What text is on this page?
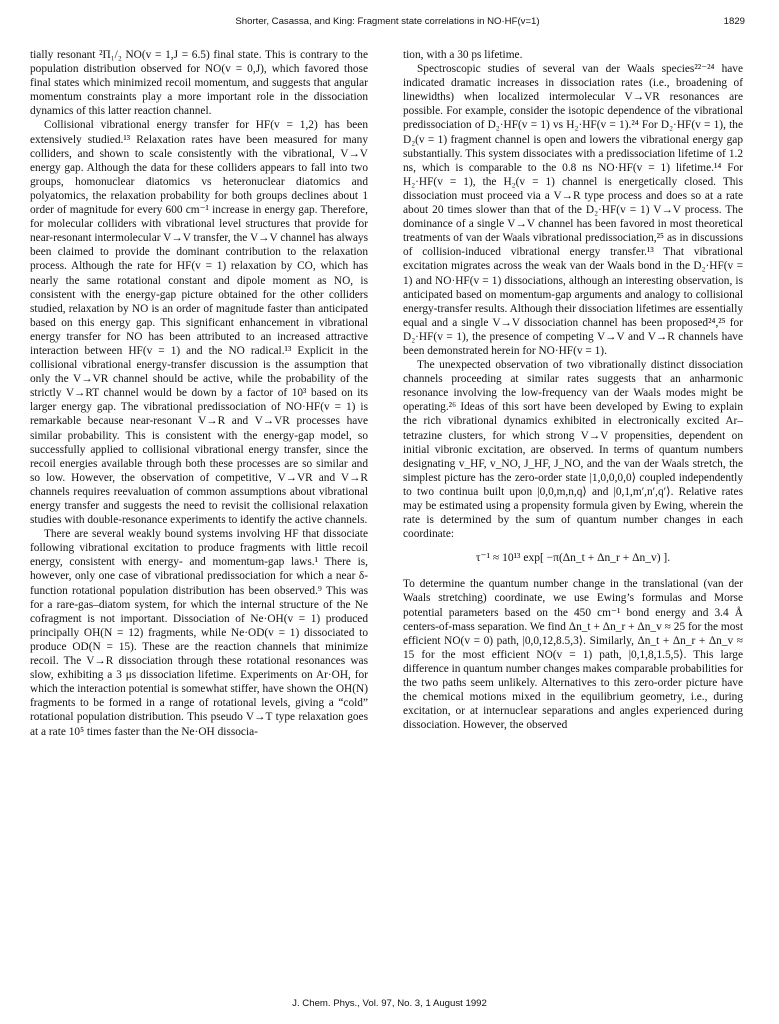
Shorter, Casassa, and King: Fragment state correlations in NO·HF(v=1)	1829

tially resonant ²Π₁/₂ NO(v = 1,J = 6.5) final state. This is contrary to the population distribution observed for NO(v = 0,J), which favored those final states which minimized recoil momentum, and suggests that angular momentum constraints play a more important role in the dissociation dynamics of this latter reaction channel.

Collisional vibrational energy transfer for HF(v = 1,2) has been extensively studied.¹³ Relaxation rates have been measured for many colliders, and shown to scale consistently with the vibrational, V→V energy gap. Although the data for these colliders appears to fall into two groups, homonuclear diatomics vs heteronuclear diatomics and polyatomics, the relaxation probability for both groups declines about 1 order of magnitude for every 600 cm⁻¹ increase in energy gap. Therefore, for molecular colliders with vibrational level structures that provide for near-resonant intermolecular V→V transfer, the V→V channel has always been claimed to provide the dominant contribution to the relaxation process. Although the rate for HF(v = 1) relaxation by CO, which has nearly the same rotational constant and dipole moment as NO, is consistent with the energy-gap picture obtained for the other colliders studied, relaxation by NO is an order of magnitude faster than anticipated based on this energy gap. This significant enhancement in vibrational energy transfer for NO has been attributed to an increased attractive interaction between HF(v = 1) and the NO radical.¹³ Explicit in the collisional vibrational energy-transfer discussion is the assumption that only the V→VR channel should be active, while the probability of the strictly V→RT channel would be down by a factor of 10³ based on its larger energy gap. The vibrational predissociation of NO·HF(v = 1) is remarkable because near-resonant V→R and V→VR processes have similar probability. This is consistent with the energy-gap model, so successfully applied to collisional vibrational energy transfer, since the recoil energies available through both these processes are so similar and so low. However, the observation of competitive, V→VR and V→R channels requires reevaluation of common assumptions about vibrational energy transfer and suggests the need to revisit the collisional relaxation studies with double-resonance experiments to identify the active channels.

There are several weakly bound systems involving HF that dissociate following vibrational excitation to produce fragments with little recoil energy, consistent with energy- and momentum-gap laws.¹ There is, however, only one case of vibrational predissociation for which a near δ-function rotational population distribution has been observed.⁹ This was for a rare-gas–diatom system, for which the internal structure of the Ne cofragment is not important. Dissociation of Ne·OH(v = 1) produced principally OH(N = 12) fragments, while Ne·OD(v = 1) dissociated to produce OD(N = 15). These are the reaction channels that minimize recoil. The V→R dissociation through these rotational resonances was slow, exhibiting a 3 μs dissociation lifetime. Experiments on Ar·OH, for which the interaction potential is somewhat stiffer, have shown the OH(N) fragments to be formed in a range of rotational levels, giving a “cold” rotational population distribution. This pseudo V→T type relaxation goes at a rate 10⁵ times faster than the Ne·OH dissocia-

tion, with a 30 ps lifetime.

Spectroscopic studies of several van der Waals species²²⁻²⁴ have indicated dramatic increases in dissociation rates (i.e., broadening of linewidths) when localized intermolecular V→VR resonances are possible. For example, consider the isotopic dependence of the vibrational predissociation of D₂·HF(v = 1) vs H₂·HF(v = 1).²⁴ For D₂·HF(v = 1), the D₂(v = 1) fragment channel is open and lowers the vibrational energy gap substantially. This system dissociates with a predissociation lifetime of 1.2 ns, which is comparable to the 0.8 ns NO·HF(v = 1) lifetime.¹⁴ For H₂·HF(v = 1), the H₂(v = 1) channel is energetically closed. This dissociation must proceed via a V→R type process and does so at a rate about 20 times slower than that of the D₂·HF(v = 1) V→V process. The dominance of a single V→V channel has been favored in most theoretical treatments of van der Waals vibrational predissociation,²⁵ as in discussions of collision-induced vibrational energy transfer.¹³ That vibrational excitation migrates across the weak van der Waals bond in the D₂·HF(v = 1) and NO·HF(v = 1) dissociations, although an interesting observation, is anticipated based on momentum-gap arguments and analogy to collisional energy-transfer results. Although their dissociation lifetimes are essentially equal and a single V→V dissociation channel has been proposed²⁴,²⁵ for D₂·HF(v = 1), the presence of competing V→V and V→R channels have been demonstrated herein for NO·HF(v = 1).

The unexpected observation of two vibrationally distinct dissociation channels proceeding at similar rates suggests that an anharmonic resonance involving the low-frequency van der Waals modes might be operating.²⁶ Ideas of this sort have been developed by Ewing to explain the rich vibrational dynamics exhibited in electronically excited Ar–tetrazine clusters, for which strong V→V propensities, dependent on initial vibronic excitation, are observed. In terms of quantum numbers designating v_HF, v_NO, J_HF, J_NO, and the van der Waals stretch, the simplest picture has the zero-order state |1,0,0,0,0⟩ coupled independently to two continua built upon |0,0,m,n,q⟩ and |0,1,m′,n′,q′⟩. Relative rates may be estimated using a propensity formula given by Ewing, wherein the rate is determined by the sum of quantum number changes in each coordinate:

τ⁻¹ ≈ 10¹³ exp[ −π(Δn_t + Δn_r + Δn_v) ].

To determine the quantum number change in the translational (van der Waals stretching) coordinate, we use Ewing’s formulas and Morse potential parameters based on the 450 cm⁻¹ bond energy and 3.4 Å centers-of-mass separation. We find Δn_t + Δn_r + Δn_v ≈ 25 for the most efficient NO(v = 0) path, |0,0,12,8.5,3⟩. Similarly, Δn_t + Δn_r + Δn_v ≈ 15 for the most efficient NO(v = 1) path, |0,1,8,1.5,5⟩. This large difference in quantum number changes makes comparable probabilities for the two paths seem unlikely. Alternatives to this zero-order picture have the chemical motions mixed in the equilibrium geometry, i.e., during excitation, or at internuclear separations and angles experienced during dissociation. However, the observed

J. Chem. Phys., Vol. 97, No. 3, 1 August 1992
